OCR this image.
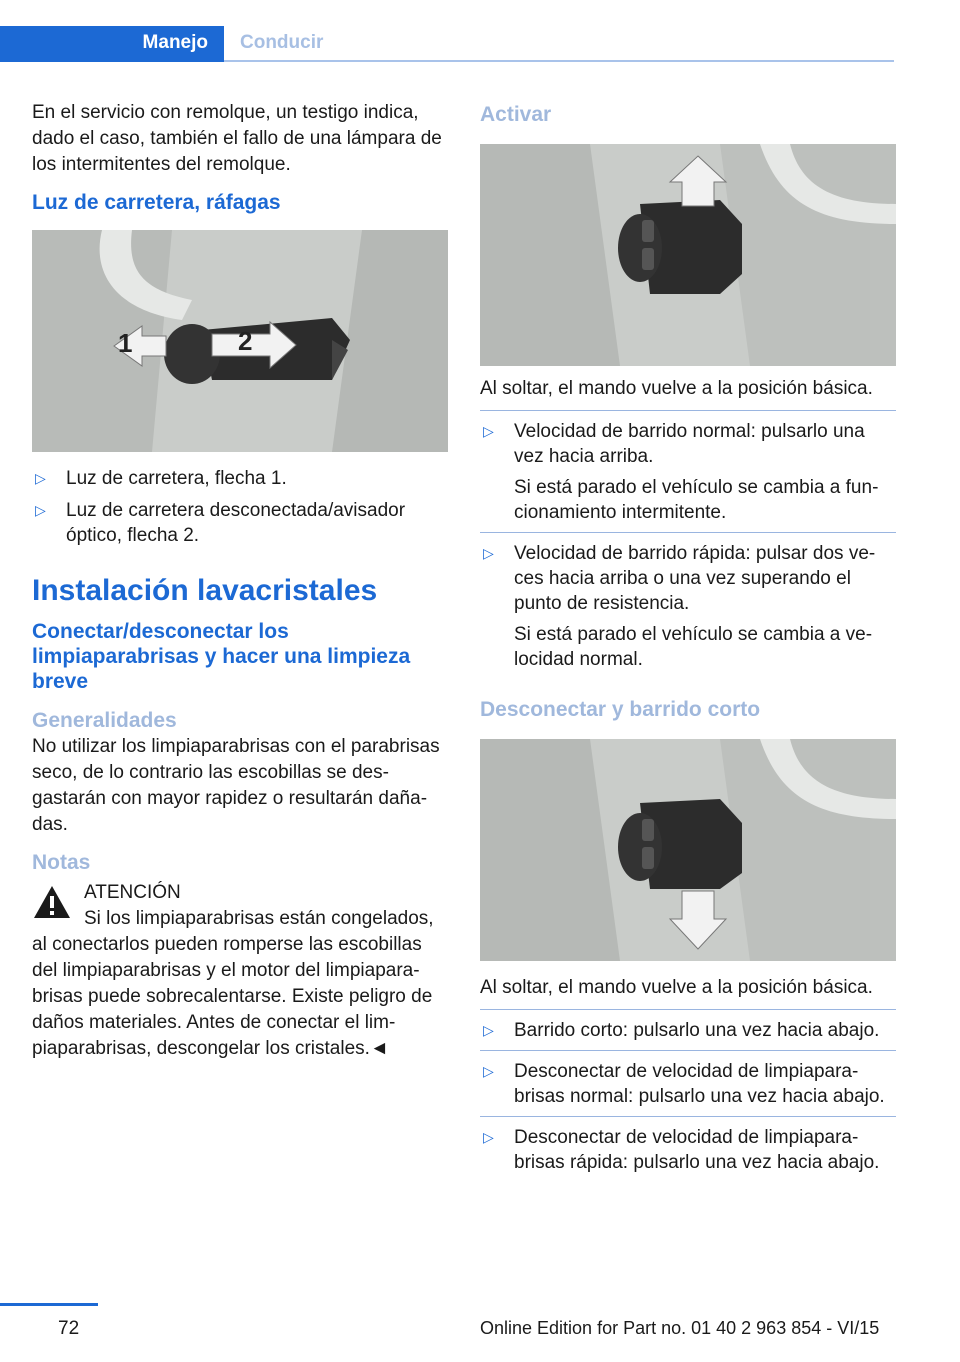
Manejo Conducir

En el servicio con remolque, un testigo indica, dado el caso, también el fallo de una lámpara de los intermitentes del remolque.

Luz de carretera, ráfagas
1	2
▷ Luz de carretera, flecha 1.
▷ Luz de carretera desconectada/avisador óptico, flecha 2.
Instalación lavacristales
Conectar/desconectar los limpiaparabrisas y hacer una limpieza breve
Generalidades

No utilizar los limpiaparabrisas con el parabrisas seco, de lo contrario las escobillas se desgastarán con mayor rapidez o resultarán dañadas.

Notas
ATENCIÓN
Si los limpiaparabrisas están congelados, al conectarlos pueden romperse las escobillas del limpiaparabrisas y el motor del limpiaparabrisas puede sobrecalentarse. Existe peligro de daños materiales. Antes de conectar el limpiaparabrisas, descongelar los cristales.◄
Activar

Al soltar, el mando vuelve a la posición básica.

▷ Velocidad de barrido normal: pulsarlo una vez hacia arriba.
Si está parado el vehículo se cambia a funcionamiento intermitente.
▷ Velocidad de barrido rápida: pulsar dos veces hacia arriba o una vez superando el punto de resistencia.
Si está parado el vehículo se cambia a velocidad normal.
Desconectar y barrido corto

Al soltar, el mando vuelve a la posición básica.

▷ Barrido corto: pulsarlo una vez hacia abajo.
▷ Desconectar de velocidad de limpiaparabrisas normal: pulsarlo una vez hacia abajo.
▷ Desconectar de velocidad de limpiaparabrisas rápida: pulsarlo una vez hacia abajo.
72	Online Edition for Part no. 01 40 2 963 854 - VI/15
